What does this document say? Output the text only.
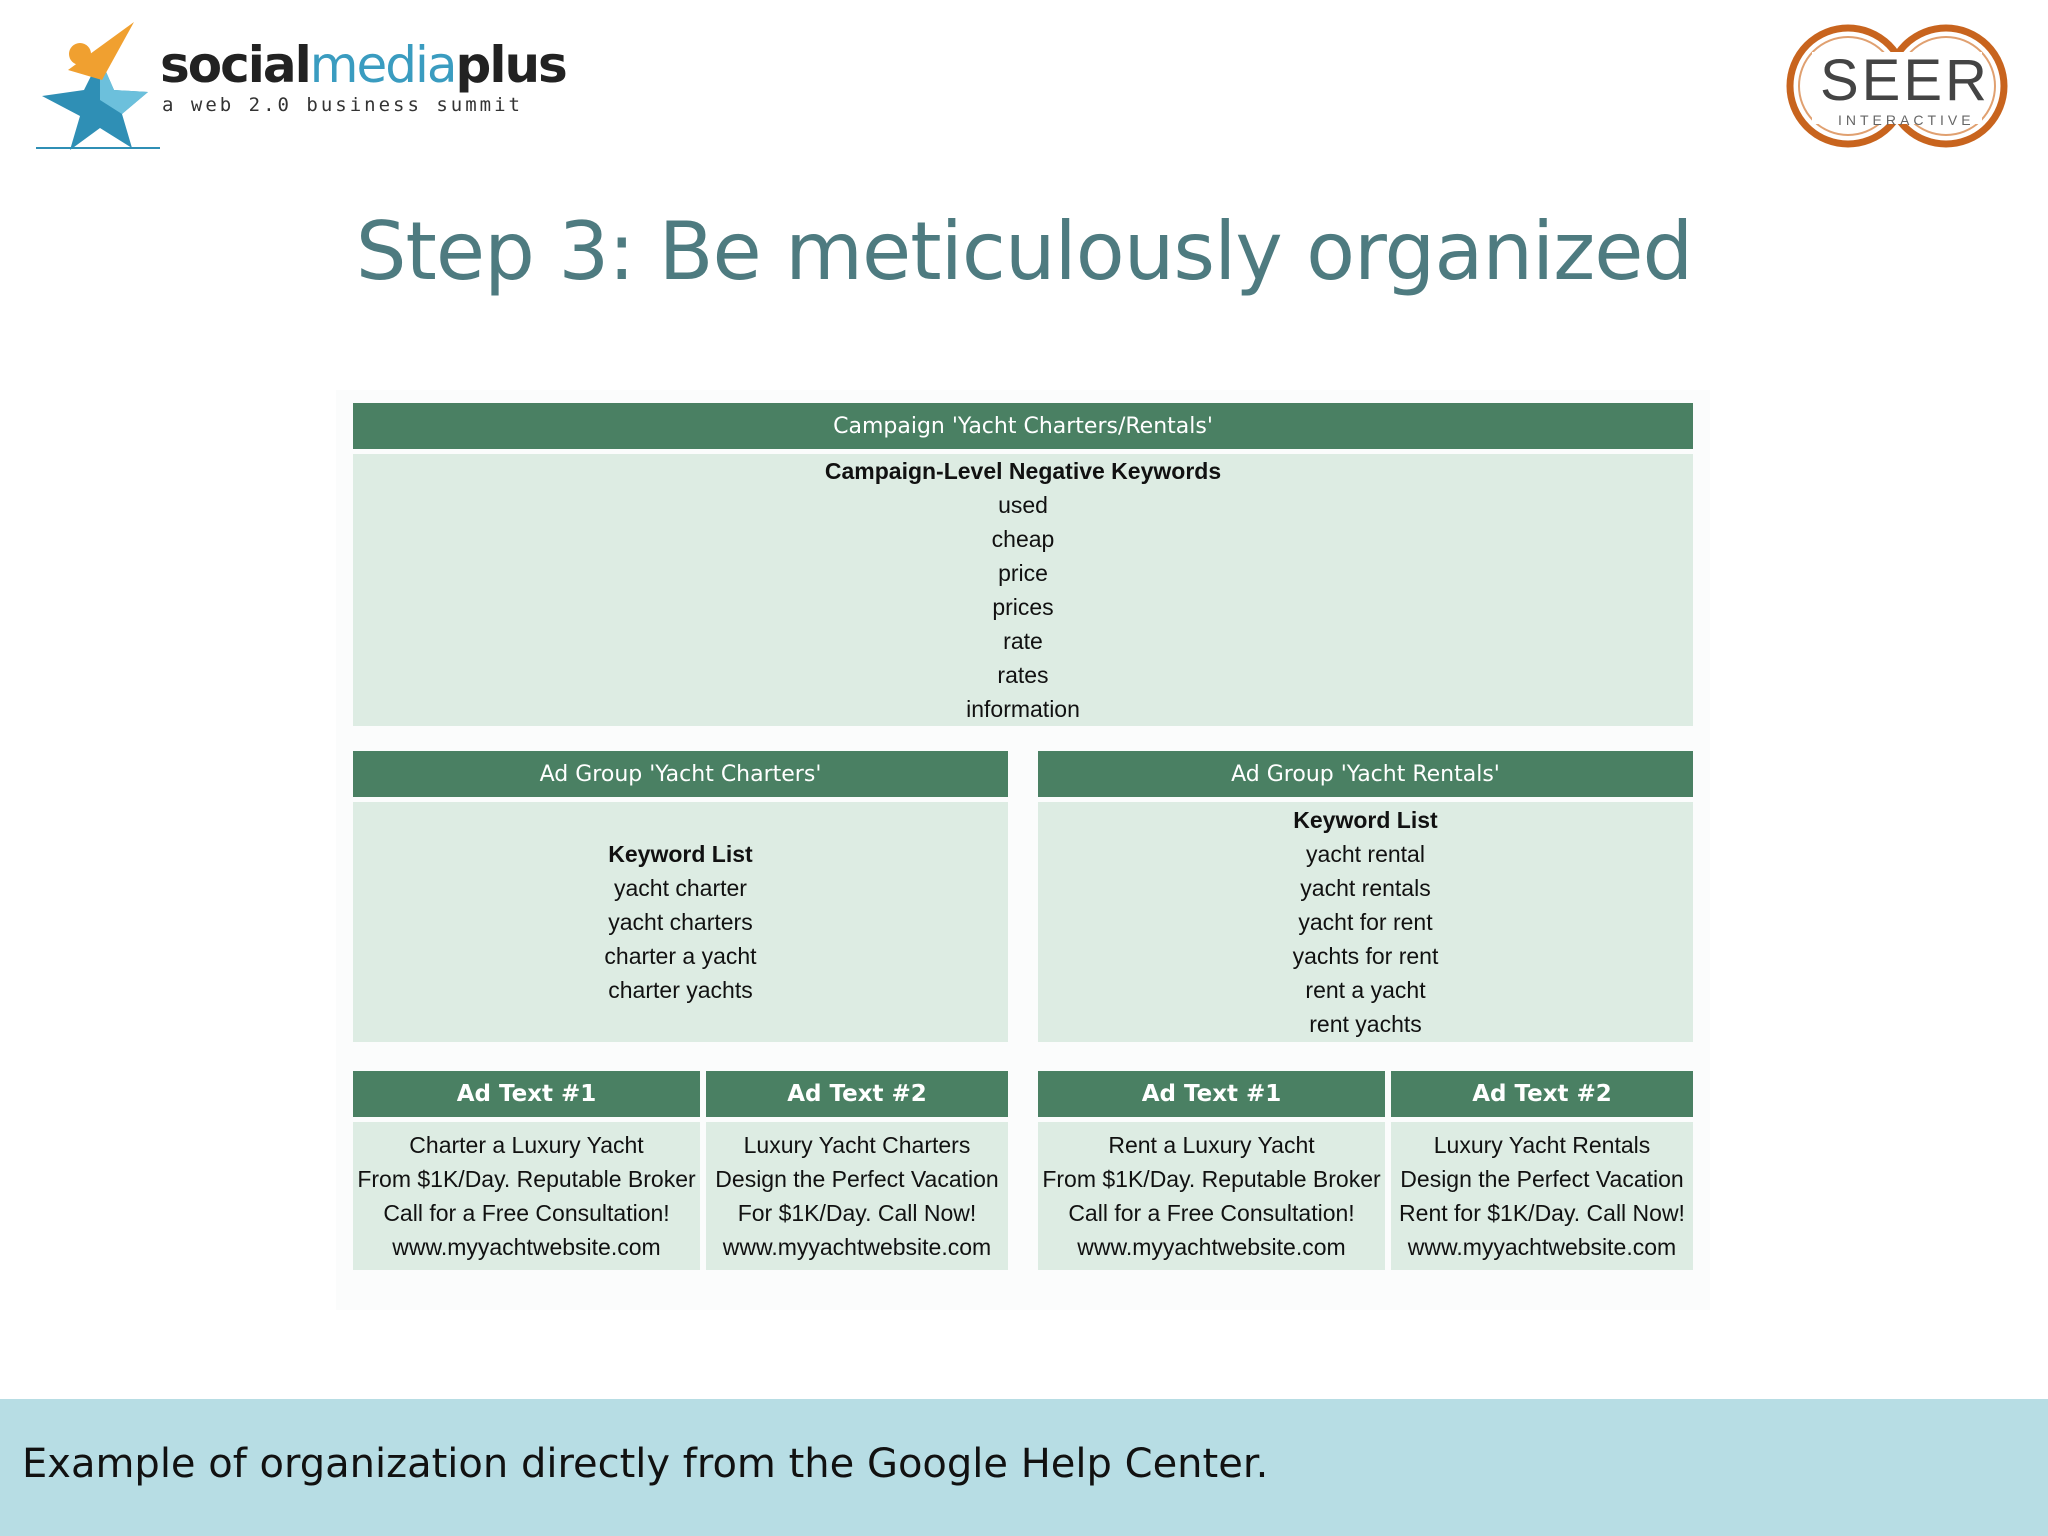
socialmediaplus
a web 2.0 business summit	SEER
INTERACTIVE
Step 3: Be meticulously organized
Campaign 'Yacht Charters/Rentals'
Campaign-Level Negative Keywords
used
cheap
price
prices
rate
rates
information
Ad Group 'Yacht Charters'
Keyword List
yacht charter
yacht charters
charter a yacht
charter yachts
Ad Group 'Yacht Rentals'
Keyword List
yacht rental
yacht rentals
yacht for rent
yachts for rent
rent a yacht
rent yachts
Ad Text #1	Ad Text #2	Ad Text #1	Ad Text #2
Charter a Luxury Yacht
From $1K/Day. Reputable Broker
Call for a Free Consultation!
www.myyachtwebsite.com
Luxury Yacht Charters
Design the Perfect Vacation
For $1K/Day. Call Now!
www.myyachtwebsite.com
Rent a Luxury Yacht
From $1K/Day. Reputable Broker
Call for a Free Consultation!
www.myyachtwebsite.com
Luxury Yacht Rentals
Design the Perfect Vacation
Rent for $1K/Day. Call Now!
www.myyachtwebsite.com
Example of organization directly from the Google Help Center.
